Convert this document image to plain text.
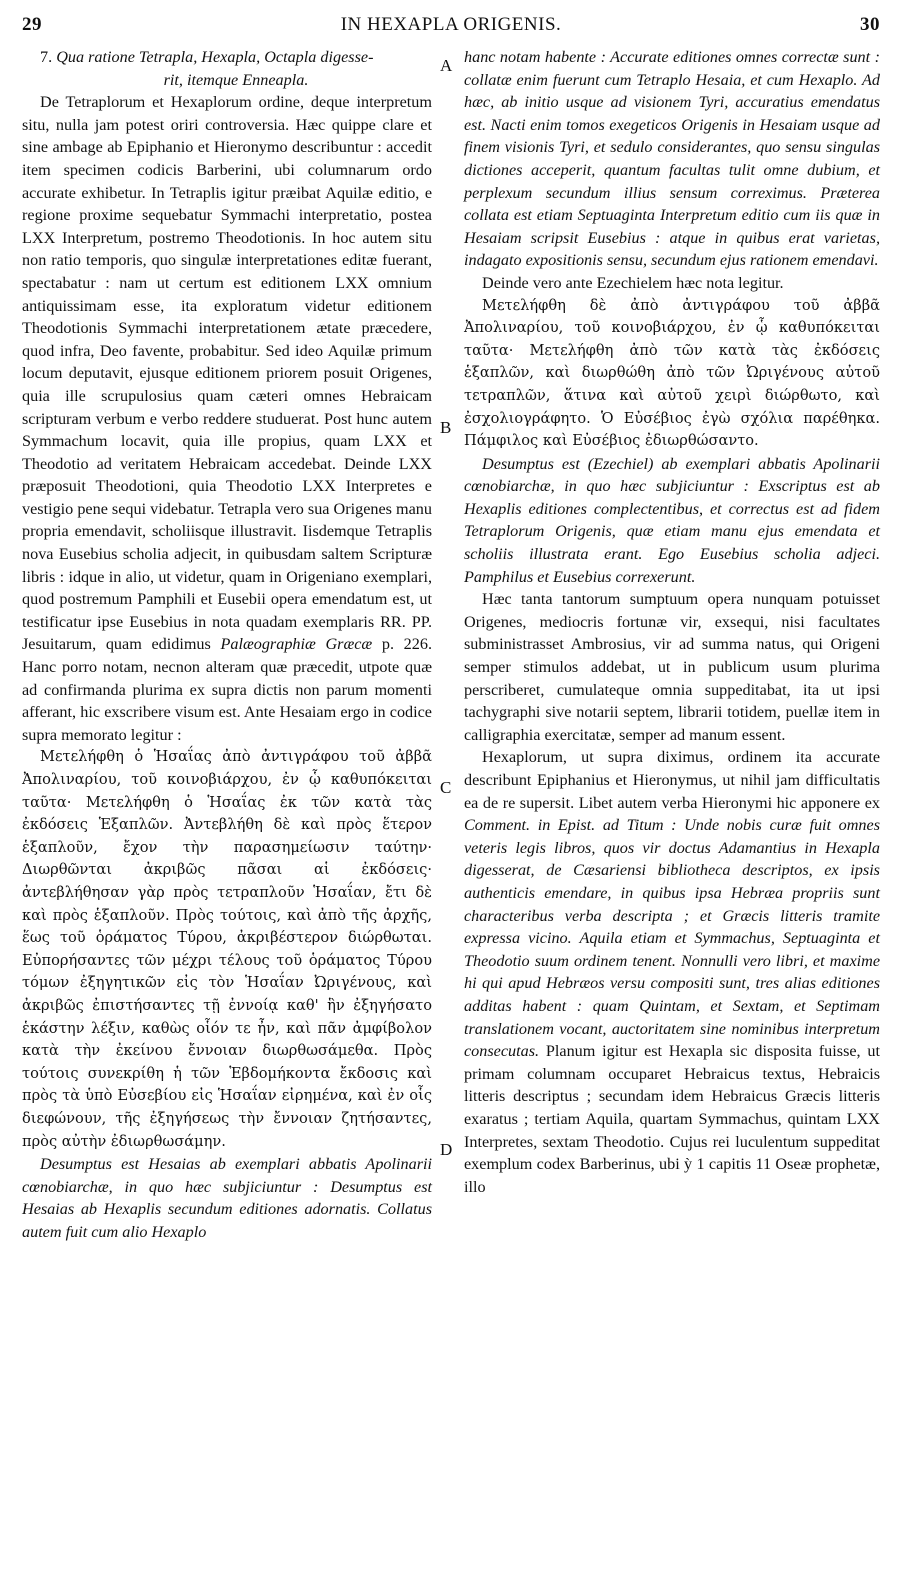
29	IN HEXAPLA ORIGENIS.	30
A
B
C
D

7. Qua ratione Tetrapla, Hexapla, Octapla digesse-
rit, itemque Enneapla.

De Tetraplorum et Hexaplorum ordine, deque interpretum situ, nulla jam potest oriri controversia. Hæc quippe clare et sine ambage ab Epiphanio et Hieronymo describuntur : accedit item specimen codicis Barberini, ubi columnarum ordo accurate exhibetur. In Tetraplis igitur præibat Aquilæ editio, e regione proxime sequebatur Symmachi interpretatio, postea LXX Interpretum, postremo Theodotionis. In hoc autem situ non ratio temporis, quo singulæ interpretationes editæ fuerant, spectabatur : nam ut certum est editionem LXX omnium antiquissimam esse, ita exploratum videtur editionem Theodotionis Symmachi interpretationem ætate præcedere, quod infra, Deo favente, probabitur. Sed ideo Aquilæ primum locum deputavit, ejusque editionem priorem posuit Origenes, quia ille scrupulosius quam cæteri omnes Hebraicam scripturam verbum e verbo reddere studuerat. Post hunc autem Symmachum locavit, quia ille propius, quam LXX et Theodotio ad veritatem Hebraicam accedebat. Deinde LXX præposuit Theodotioni, quia Theodotio LXX Interpretes e vestigio pene sequi videbatur. Tetrapla vero sua Origenes manu propria emendavit, scholiisque illustravit. Iisdemque Tetraplis nova Eusebius scholia adjecit, in quibusdam saltem Scripturæ libris : idque in alio, ut videtur, quam in Origeniano exemplari, quod postremum Pamphili et Eusebii opera emendatum est, ut testificatur ipse Eusebius in nota quadam exemplaris RR. PP. Jesuitarum, quam edidimus Palæographiæ Græcæ p. 226. Hanc porro notam, necnon alteram quæ præcedit, utpote quæ ad confirmanda plurima ex supra dictis non parum momenti afferant, hic exscribere visum est. Ante Hesaiam ergo in codice supra memorato legitur :

Μετελήφθη ὁ Ἡσαΐας ἀπὸ ἀντιγράφου τοῦ ἀββᾶ Ἀπολιναρίου, τοῦ κοινοβιάρχου, ἐν ᾧ καθυπόκειται ταῦτα· Μετελήφθη ὁ Ἡσαΐας ἐκ τῶν κατὰ τὰς ἐκδόσεις Ἑξαπλῶν. Ἀντεβλήθη δὲ καὶ πρὸς ἕτερον ἑξαπλοῦν, ἔχον τὴν παρασημείωσιν ταύτην· Διωρθῶνται ἀκριβῶς πᾶσαι αἱ ἐκδόσεις· ἀντεβλήθησαν γὰρ πρὸς τετραπλοῦν Ἡσαΐαν, ἔτι δὲ καὶ πρὸς ἑξαπλοῦν. Πρὸς τούτοις, καὶ ἀπὸ τῆς ἀρχῆς, ἕως τοῦ ὁράματος Τύρου, ἀκριβέστερον διώρθωται. Εὐπορήσαντες τῶν μέχρι τέλους τοῦ ὁράματος Τύρου τόμων ἐξηγητικῶν εἰς τὸν Ἡσαΐαν Ὠριγένους, καὶ ἀκριβῶς ἐπιστήσαντες τῇ ἐννοίᾳ καθ' ἣν ἐξηγήσατο ἑκάστην λέξιν, καθὼς οἷόν τε ἦν, καὶ πᾶν ἀμφίβολον κατὰ τὴν ἐκείνου ἔννοιαν διωρθωσάμεθα. Πρὸς τούτοις συνεκρίθη ἡ τῶν Ἑβδομήκοντα ἔκδοσις καὶ πρὸς τὰ ὑπὸ Εὐσεβίου εἰς Ἡσαΐαν εἰρημένα, καὶ ἐν οἷς διεφώνουν, τῆς ἐξηγήσεως τὴν ἔννοιαν ζητήσαντες, πρὸς αὐτὴν ἐδιωρθωσάμην.

Desumptus est Hesaias ab exemplari abbatis Apolinarii cœnobiarchæ, in quo hæc subjiciuntur : Desumptus est Hesaias ab Hexaplis secundum editiones adornatis. Collatus autem fuit cum alio Hexaplo

hanc notam habente : Accurate editiones omnes correctæ sunt : collatæ enim fuerunt cum Tetraplo Hesaia, et cum Hexaplo. Ad hæc, ab initio usque ad visionem Tyri, accuratius emendatus est. Nacti enim tomos exegeticos Origenis in Hesaiam usque ad finem visionis Tyri, et sedulo considerantes, quo sensu singulas dictiones acceperit, quantum facultas tulit omne dubium, et perplexum secundum illius sensum correximus. Præterea collata est etiam Septuaginta Interpretum editio cum iis quæ in Hesaiam scripsit Eusebius : atque in quibus erat varietas, indagato expositionis sensu, secundum ejus rationem emendavi.

Deinde vero ante Ezechielem hæc nota legitur.

Μετελήφθη δὲ ἀπὸ ἀντιγράφου τοῦ ἀββᾶ Ἀπολιναρίου, τοῦ κοινοβιάρχου, ἐν ᾧ καθυπόκειται ταῦτα· Μετελήφθη ἀπὸ τῶν κατὰ τὰς ἐκδόσεις ἑξαπλῶν, καὶ διωρθώθη ἀπὸ τῶν Ὠριγένους αὐτοῦ τετραπλῶν, ἅτινα καὶ αὐτοῦ χειρὶ διώρθωτο, καὶ ἐσχολιογράφητο. Ὁ Εὐσέβιος ἐγὼ σχόλια παρέθηκα. Πάμφιλος καὶ Εὐσέβιος ἐδιωρθώσαντο.

Desumptus est (Ezechiel) ab exemplari abbatis Apolinarii cœnobiarchæ, in quo hæc subjiciuntur : Exscriptus est ab Hexaplis editiones complectentibus, et correctus est ad fidem Tetraplorum Origenis, quæ etiam manu ejus emendata et scholiis illustrata erant. Ego Eusebius scholia adjeci. Pamphilus et Eusebius correxerunt.

Hæc tanta tantorum sumptuum opera nunquam potuisset Origenes, mediocris fortunæ vir, exsequi, nisi facultates subministrasset Ambrosius, vir ad summa natus, qui Origeni semper stimulos addebat, ut in publicum usum plurima perscriberet, cumulateque omnia suppeditabat, ita ut ipsi tachygraphi sive notarii septem, librarii totidem, puellæ item in calligraphia exercitatæ, semper ad manum essent.

Hexaplorum, ut supra diximus, ordinem ita accurate describunt Epiphanius et Hieronymus, ut nihil jam difficultatis ea de re supersit. Libet autem verba Hieronymi hic apponere ex Comment. in Epist. ad Titum : Unde nobis curæ fuit omnes veteris legis libros, quos vir doctus Adamantius in Hexapla digesserat, de Cæsariensi bibliotheca descriptos, ex ipsis authenticis emendare, in quibus ipsa Hebræa propriis sunt characteribus verba descripta ; et Græcis litteris tramite expressa vicino. Aquila etiam et Symmachus, Septuaginta et Theodotio suum ordinem tenent. Nonnulli vero libri, et maxime hi qui apud Hebræos versu compositi sunt, tres alias editiones additas habent : quam Quintam, et Sextam, et Septimam translationem vocant, auctoritatem sine nominibus interpretum consecutas. Planum igitur est Hexapla sic disposita fuisse, ut primam columnam occuparet Hebraicus textus, Hebraicis litteris descriptus ; secundam idem Hebraicus Græcis litteris exaratus ; tertiam Aquila, quartam Symmachus, quintam LXX Interpretes, sextam Theodotio. Cujus rei luculentum suppeditat exemplum codex Barberinus, ubi ỳ 1 capitis 11 Oseæ prophetæ, illo
